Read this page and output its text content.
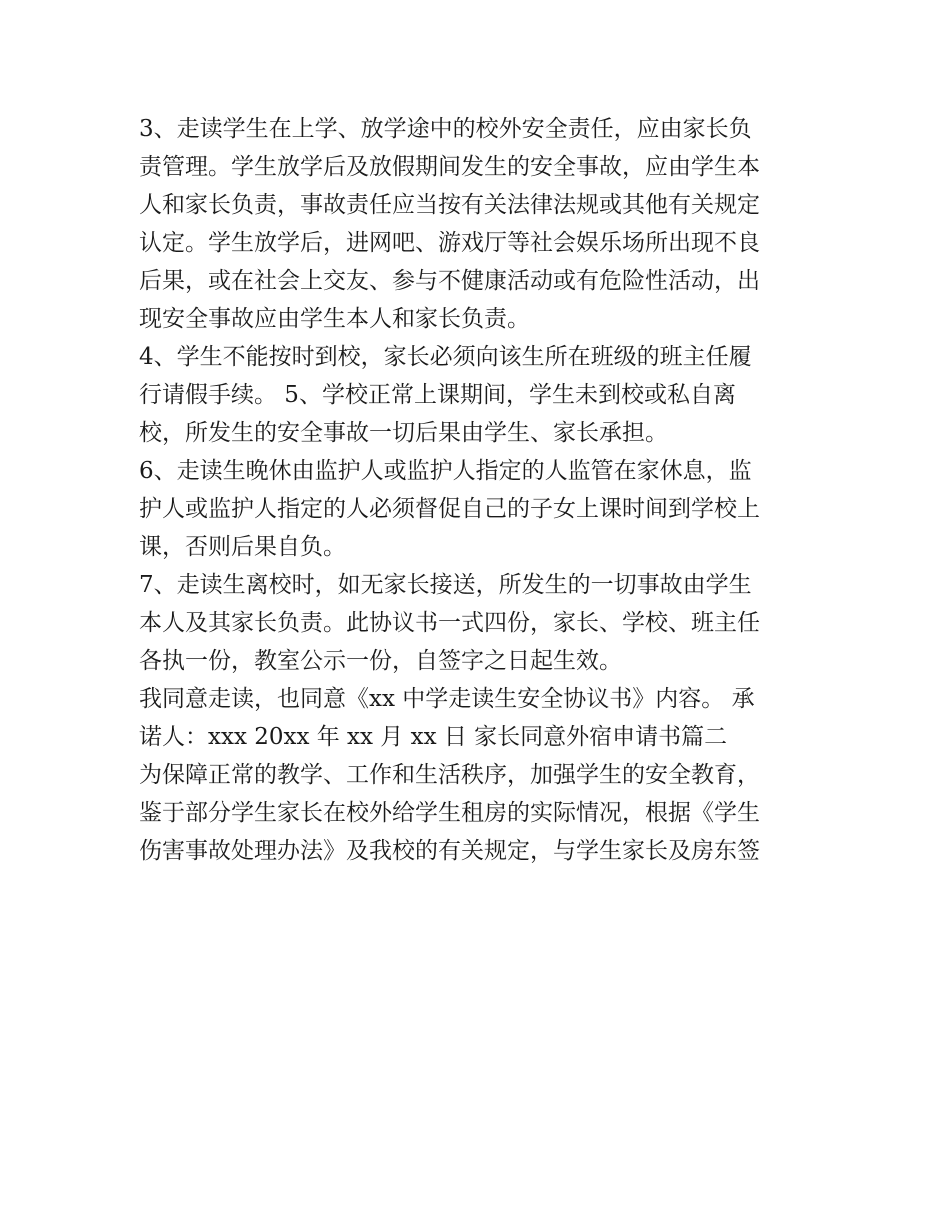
3、走读学生在上学、放学途中的校外安全责任，应由家长负

责管理。学生放学后及放假期间发生的安全事故，应由学生本

人和家长负责，事故责任应当按有关法律法规或其他有关规定

认定。学生放学后，进网吧、游戏厅等社会娱乐场所出现不良

后果，或在社会上交友、参与不健康活动或有危险性活动，出

现安全事故应由学生本人和家长负责。

4、学生不能按时到校，家长必须向该生所在班级的班主任履

行请假手续。 5、学校正常上课期间，学生未到校或私自离

校，所发生的安全事故一切后果由学生、家长承担。

6、走读生晚休由监护人或监护人指定的人监管在家休息，监

护人或监护人指定的人必须督促自己的子女上课时间到学校上

课，否则后果自负。

7、走读生离校时，如无家长接送，所发生的一切事故由学生

本人及其家长负责。此协议书一式四份，家长、学校、班主任

各执一份，教室公示一份，自签字之日起生效。

我同意走读，也同意《xx 中学走读生安全协议书》内容。 承

诺人：xxx 20xx 年 xx 月 xx 日 家长同意外宿申请书篇二

为保障正常的教学、工作和生活秩序，加强学生的安全教育，

鉴于部分学生家长在校外给学生租房的实际情况，根据《学生

伤害事故处理办法》及我校的有关规定，与学生家长及房东签
